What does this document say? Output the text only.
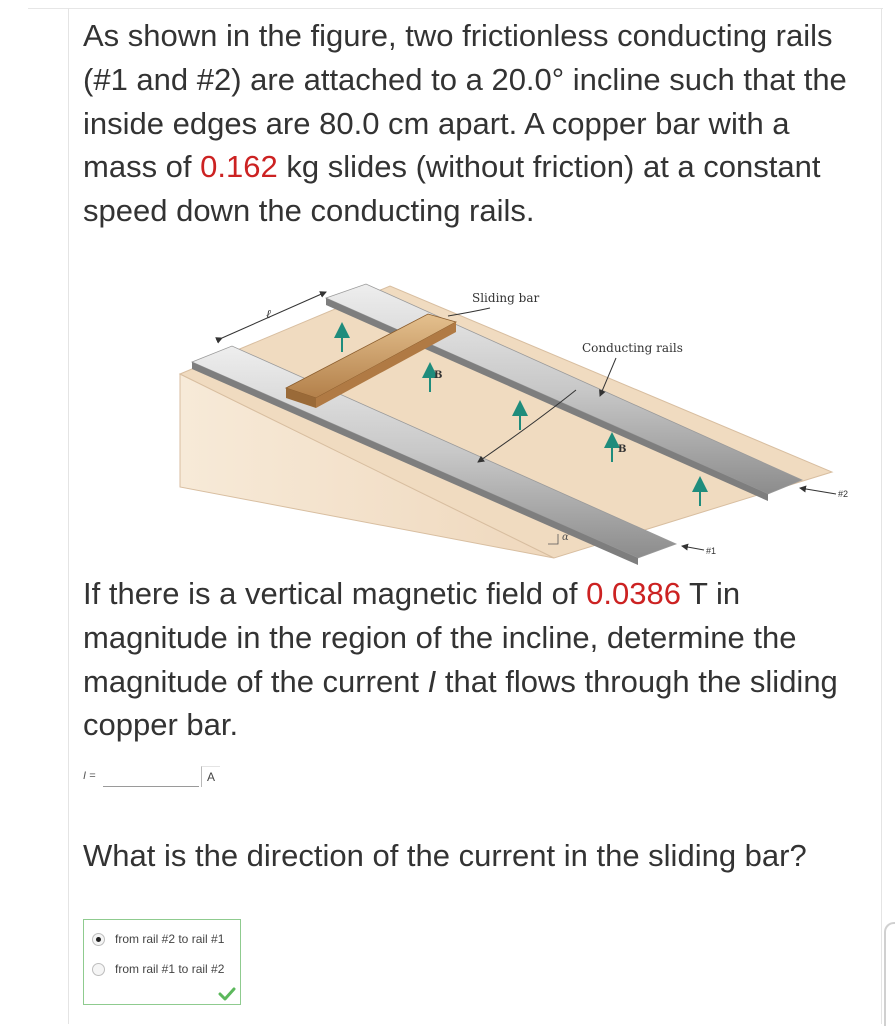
As shown in the figure, two frictionless conducting rails (#1 and #2) are attached to a 20.0° incline such that the inside edges are 80.0 cm apart. A copper bar with a mass of 0.162 kg slides (without friction) at a constant speed down the conducting rails.

ℓ
Sliding bar
Conducting rails
B
B
α
#1
#2

If there is a vertical magnetic field of 0.0386 T in magnitude in the region of the incline, determine the magnitude of the current I that flows through the sliding copper bar.

I =	A

What is the direction of the current in the sliding bar?

from rail #2 to rail #1
from rail #1 to rail #2
